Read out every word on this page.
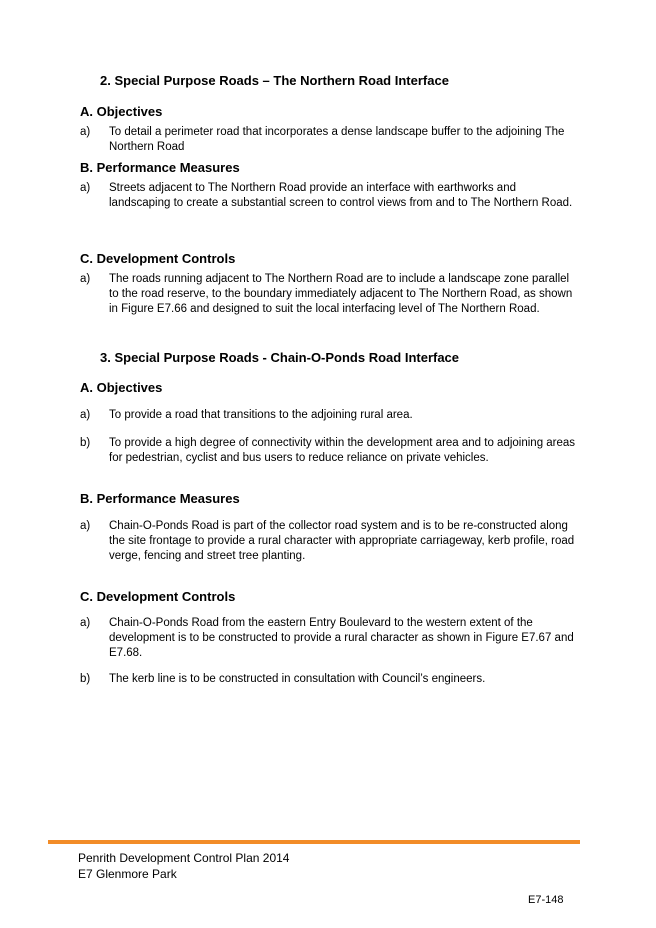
2. Special Purpose Roads – The Northern Road Interface
A. Objectives
a)	To detail a perimeter road that incorporates a dense landscape buffer to the adjoining The Northern Road
B. Performance Measures
a)	Streets adjacent to The Northern Road provide an interface with earthworks and landscaping to create a substantial screen to control views from and to The Northern Road.
C. Development Controls
a)	The roads running adjacent to The Northern Road are to include a landscape zone parallel to the road reserve, to the boundary immediately adjacent to The Northern Road, as shown in Figure E7.66 and designed to suit the local interfacing level of The Northern Road.
3. Special Purpose Roads - Chain-O-Ponds Road Interface
A. Objectives
a)	To provide a road that transitions to the adjoining rural area.
b)	To provide a high degree of connectivity within the development area and to adjoining areas for pedestrian, cyclist and bus users to reduce reliance on private vehicles.
B. Performance Measures
a)	Chain-O-Ponds Road is part of the collector road system and is to be re-constructed along the site frontage to provide a rural character with appropriate carriageway, kerb profile, road verge, fencing and street tree planting.
C. Development Controls
a)	Chain-O-Ponds Road from the eastern Entry Boulevard to the western extent of the development is to be constructed to provide a rural character as shown in Figure E7.67 and E7.68.
b)	The kerb line is to be constructed in consultation with Council’s engineers.
Penrith Development Control Plan 2014
E7 Glenmore Park
E7-148
